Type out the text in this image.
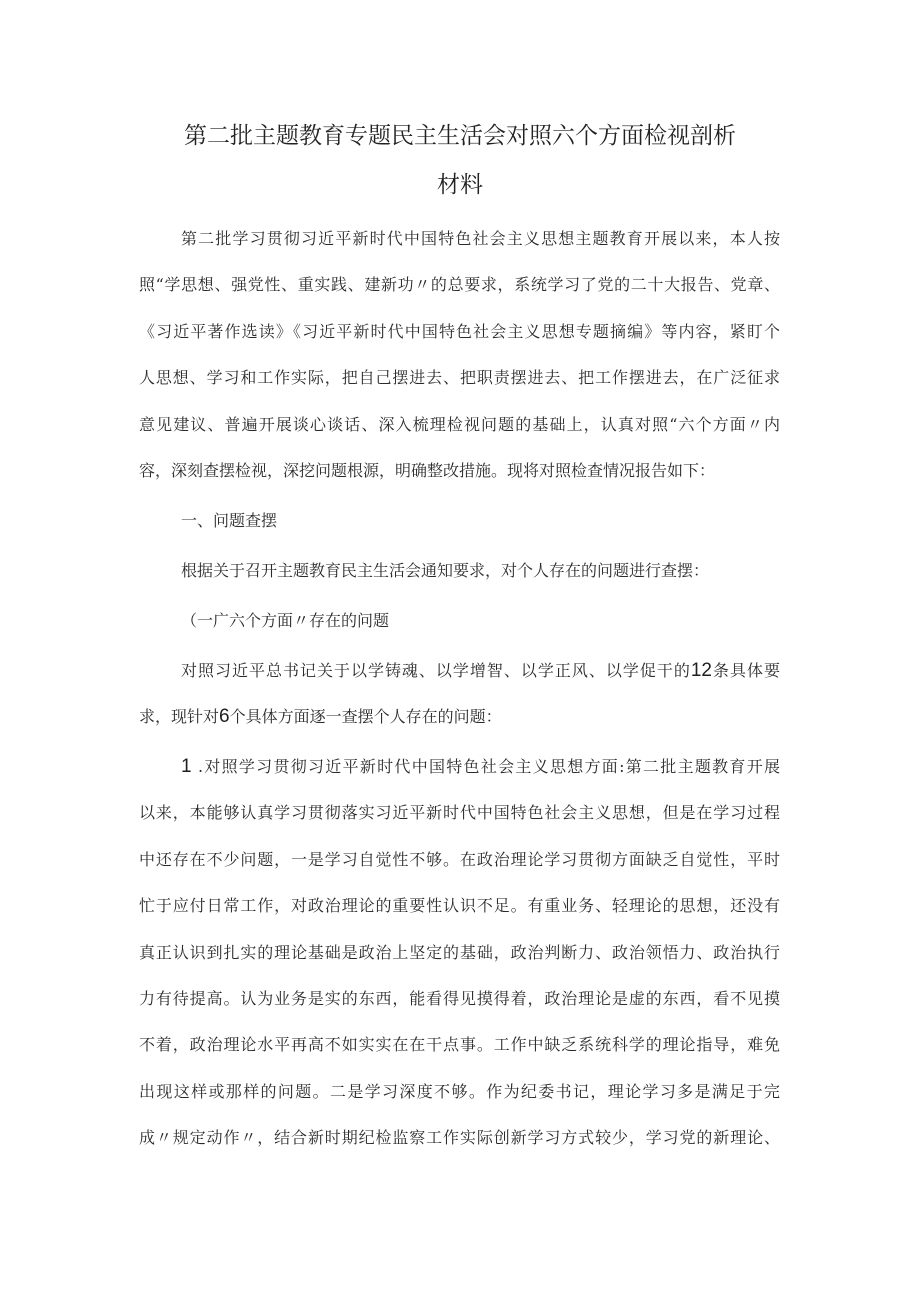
第二批主题教育专题民主生活会对照六个方面检视剖析
材料
第二批学习贯彻习近平新时代中国特色社会主义思想主题教育开展以来，本人按
照“学思想、强党性、重实践、建新功〃的总要求，系统学习了党的二十大报告、党章、
《习近平著作选读》《习近平新时代中国特色社会主义思想专题摘编》等内容，紧盯个
人思想、学习和工作实际，把自己摆进去、把职责摆进去、把工作摆进去，在广泛征求
意见建议、普遍开展谈心谈话、深入梳理检视问题的基础上，认真对照“六个方面〃内
容，深刻查摆检视，深挖问题根源，明确整改措施。现将对照检查情况报告如下：
一、问题查摆
根据关于召开主题教育民主生活会通知要求，对个人存在的问题进行查摆：
（一广六个方面〃存在的问题
对照习近平总书记关于以学铸魂、以学增智、以学正风、以学促干的12条具体要
求，现针对6个具体方面逐一查摆个人存在的问题：
1 .对照学习贯彻习近平新时代中国特色社会主义思想方面:第二批主题教育开展
以来，本能够认真学习贯彻落实习近平新时代中国特色社会主义思想，但是在学习过程
中还存在不少问题，一是学习自觉性不够。在政治理论学习贯彻方面缺乏自觉性，平时
忙于应付日常工作，对政治理论的重要性认识不足。有重业务、轻理论的思想，还没有
真正认识到扎实的理论基础是政治上坚定的基础，政治判断力、政治领悟力、政治执行
力有待提高。认为业务是实的东西，能看得见摸得着，政治理论是虚的东西，看不见摸
不着，政治理论水平再高不如实实在在干点事。工作中缺乏系统科学的理论指导，难免
出现这样或那样的问题。二是学习深度不够。作为纪委书记，理论学习多是满足于完
成〃规定动作〃，结合新时期纪检监察工作实际创新学习方式较少，学习党的新理论、
